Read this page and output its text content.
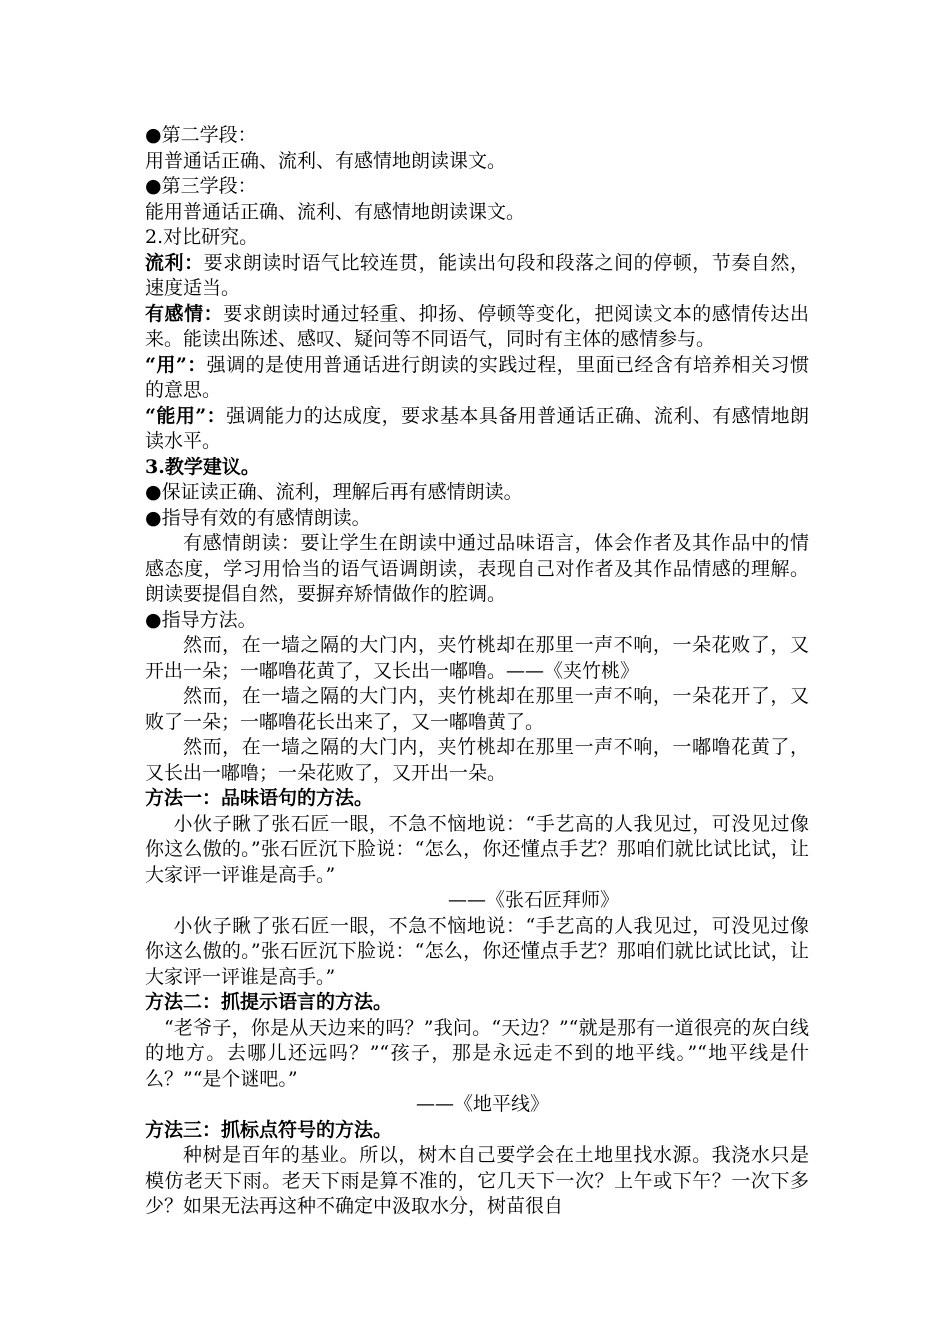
●第二学段：

用普通话正确、流利、有感情地朗读课文。

●第三学段：

能用普通话正确、流利、有感情地朗读课文。

2.对比研究。

流利：要求朗读时语气比较连贯，能读出句段和段落之间的停顿，节奏自然，速度适当。

有感情：要求朗读时通过轻重、抑扬、停顿等变化，把阅读文本的感情传达出来。能读出陈述、感叹、疑问等不同语气，同时有主体的感情参与。

“用”：强调的是使用普通话进行朗读的实践过程，里面已经含有培养相关习惯的意思。

“能用”：强调能力的达成度，要求基本具备用普通话正确、流利、有感情地朗读水平。

3.教学建议。

●保证读正确、流利，理解后再有感情朗读。

●指导有效的有感情朗读。

有感情朗读：要让学生在朗读中通过品味语言，体会作者及其作品中的情感态度，学习用恰当的语气语调朗读，表现自己对作者及其作品情感的理解。朗读要提倡自然，要摒弃矫情做作的腔调。

●指导方法。

然而，在一墙之隔的大门内，夹竹桃却在那里一声不响，一朵花败了，又开出一朵；一嘟噜花黄了，又长出一嘟噜。——《夹竹桃》

然而，在一墙之隔的大门内，夹竹桃却在那里一声不响，一朵花开了，又败了一朵；一嘟噜花长出来了，又一嘟噜黄了。

然而，在一墙之隔的大门内，夹竹桃却在那里一声不响，一嘟噜花黄了，又长出一嘟噜；一朵花败了，又开出一朵。

方法一：品味语句的方法。

小伙子瞅了张石匠一眼，不急不恼地说：“手艺高的人我见过，可没见过像你这么傲的。”张石匠沉下脸说：“怎么，你还懂点手艺？那咱们就比试比试，让大家评一评谁是高手。”

——《张石匠拜师》

小伙子瞅了张石匠一眼，不急不恼地说：“手艺高的人我见过，可没见过像你这么傲的。”张石匠沉下脸说：“怎么，你还懂点手艺？那咱们就比试比试，让大家评一评谁是高手。”

方法二：抓提示语言的方法。

“老爷子，你是从天边来的吗？”我问。“天边？”“就是那有一道很亮的灰白线的地方。去哪儿还远吗？”“孩子，那是永远走不到的地平线。”“地平线是什么？”“是个谜吧。”

——《地平线》

方法三：抓标点符号的方法。

种树是百年的基业。所以，树木自己要学会在土地里找水源。我浇水只是模仿老天下雨。老天下雨是算不准的，它几天下一次？上午或下午？一次下多少？如果无法再这种不确定中汲取水分，树苗很自
